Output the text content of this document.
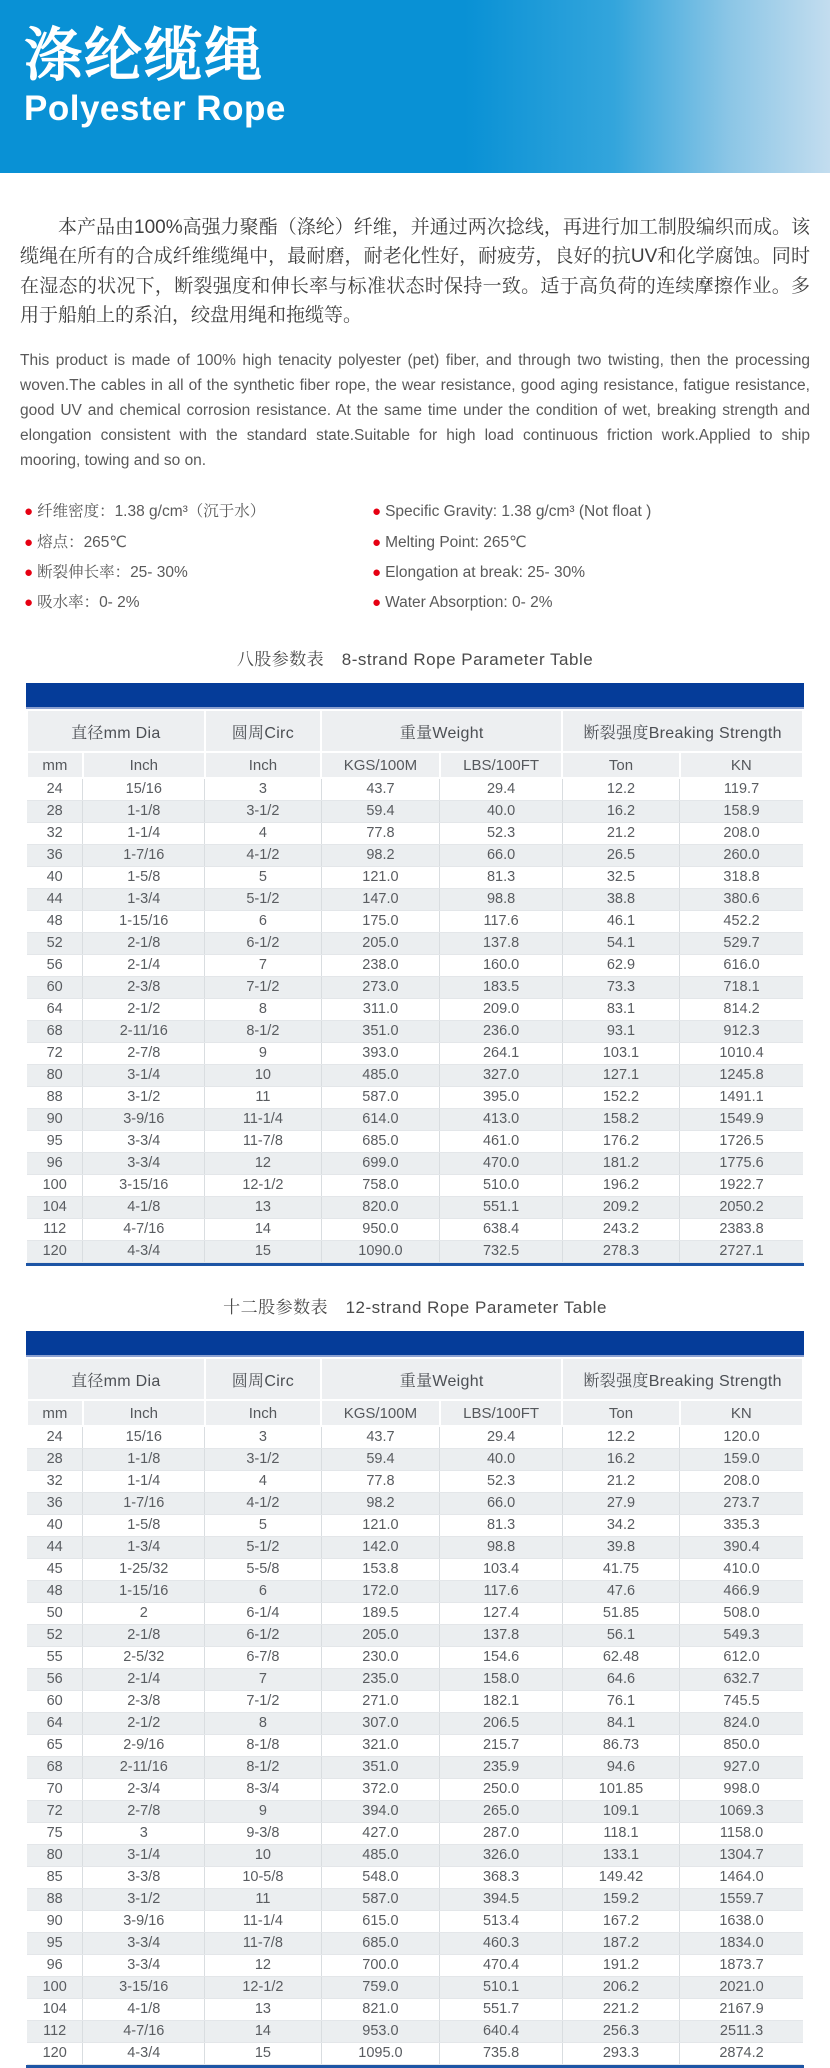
涤纶缆绳
Polyester Rope

本产品由100%高强力聚酯（涤纶）纤维，并通过两次捻线，再进行加工制股编织而成。该缆绳在所有的合成纤维缆绳中，最耐磨，耐老化性好，耐疲劳，良好的抗UV和化学腐蚀。同时在湿态的状况下，断裂强度和伸长率与标准状态时保持一致。适于高负荷的连续摩擦作业。多用于船舶上的系泊，绞盘用绳和拖缆等。

This product is made of 100% high tenacity polyester (pet) fiber, and through two twisting, then the processing woven.The cables in all of the synthetic fiber rope, the wear resistance, good aging resistance, fatigue resistance, good UV and chemical corrosion resistance. At the same time under the condition of wet, breaking strength and elongation consistent with the standard state.Suitable for high load continuous friction work.Applied to ship mooring, towing and so on.

● 纤维密度：1.38 g/cm³（沉于水）
● 熔点：265℃
● 断裂伸长率：25- 30%
● 吸水率：0- 2%
● Specific Gravity: 1.38 g/cm³ (Not float )
● Melting Point: 265℃
● Elongation at break: 25- 30%
● Water Absorption: 0- 2%
八股参数表　8-strand Rope Parameter Table
直径mm Dia		圆周Circ	重量Weight		断裂强度Breaking Strength	
mm	Inch	Inch	KGS/100M	LBS/100FT	Ton	KN
24	15/16	3	43.7	29.4	12.2	119.7
28	1-1/8	3-1/2	59.4	40.0	16.2	158.9
32	1-1/4	4	77.8	52.3	21.2	208.0
36	1-7/16	4-1/2	98.2	66.0	26.5	260.0
40	1-5/8	5	121.0	81.3	32.5	318.8
44	1-3/4	5-1/2	147.0	98.8	38.8	380.6
48	1-15/16	6	175.0	117.6	46.1	452.2
52	2-1/8	6-1/2	205.0	137.8	54.1	529.7
56	2-1/4	7	238.0	160.0	62.9	616.0
60	2-3/8	7-1/2	273.0	183.5	73.3	718.1
64	2-1/2	8	311.0	209.0	83.1	814.2
68	2-11/16	8-1/2	351.0	236.0	93.1	912.3
72	2-7/8	9	393.0	264.1	103.1	1010.4
80	3-1/4	10	485.0	327.0	127.1	1245.8
88	3-1/2	11	587.0	395.0	152.2	1491.1
90	3-9/16	11-1/4	614.0	413.0	158.2	1549.9
95	3-3/4	11-7/8	685.0	461.0	176.2	1726.5
96	3-3/4	12	699.0	470.0	181.2	1775.6
100	3-15/16	12-1/2	758.0	510.0	196.2	1922.7
104	4-1/8	13	820.0	551.1	209.2	2050.2
112	4-7/16	14	950.0	638.4	243.2	2383.8
120	4-3/4	15	1090.0	732.5	278.3	2727.1
十二股参数表　12-strand Rope Parameter Table
直径mm Dia		圆周Circ	重量Weight		断裂强度Breaking Strength	
mm	Inch	Inch	KGS/100M	LBS/100FT	Ton	KN
24	15/16	3	43.7	29.4	12.2	120.0
28	1-1/8	3-1/2	59.4	40.0	16.2	159.0
32	1-1/4	4	77.8	52.3	21.2	208.0
36	1-7/16	4-1/2	98.2	66.0	27.9	273.7
40	1-5/8	5	121.0	81.3	34.2	335.3
44	1-3/4	5-1/2	142.0	98.8	39.8	390.4
45	1-25/32	5-5/8	153.8	103.4	41.75	410.0
48	1-15/16	6	172.0	117.6	47.6	466.9
50	2	6-1/4	189.5	127.4	51.85	508.0
52	2-1/8	6-1/2	205.0	137.8	56.1	549.3
55	2-5/32	6-7/8	230.0	154.6	62.48	612.0
56	2-1/4	7	235.0	158.0	64.6	632.7
60	2-3/8	7-1/2	271.0	182.1	76.1	745.5
64	2-1/2	8	307.0	206.5	84.1	824.0
65	2-9/16	8-1/8	321.0	215.7	86.73	850.0
68	2-11/16	8-1/2	351.0	235.9	94.6	927.0
70	2-3/4	8-3/4	372.0	250.0	101.85	998.0
72	2-7/8	9	394.0	265.0	109.1	1069.3
75	3	9-3/8	427.0	287.0	118.1	1158.0
80	3-1/4	10	485.0	326.0	133.1	1304.7
85	3-3/8	10-5/8	548.0	368.3	149.42	1464.0
88	3-1/2	11	587.0	394.5	159.2	1559.7
90	3-9/16	11-1/4	615.0	513.4	167.2	1638.0
95	3-3/4	11-7/8	685.0	460.3	187.2	1834.0
96	3-3/4	12	700.0	470.4	191.2	1873.7
100	3-15/16	12-1/2	759.0	510.1	206.2	2021.0
104	4-1/8	13	821.0	551.7	221.2	2167.9
112	4-7/16	14	953.0	640.4	256.3	2511.3
120	4-3/4	15	1095.0	735.8	293.3	2874.2
